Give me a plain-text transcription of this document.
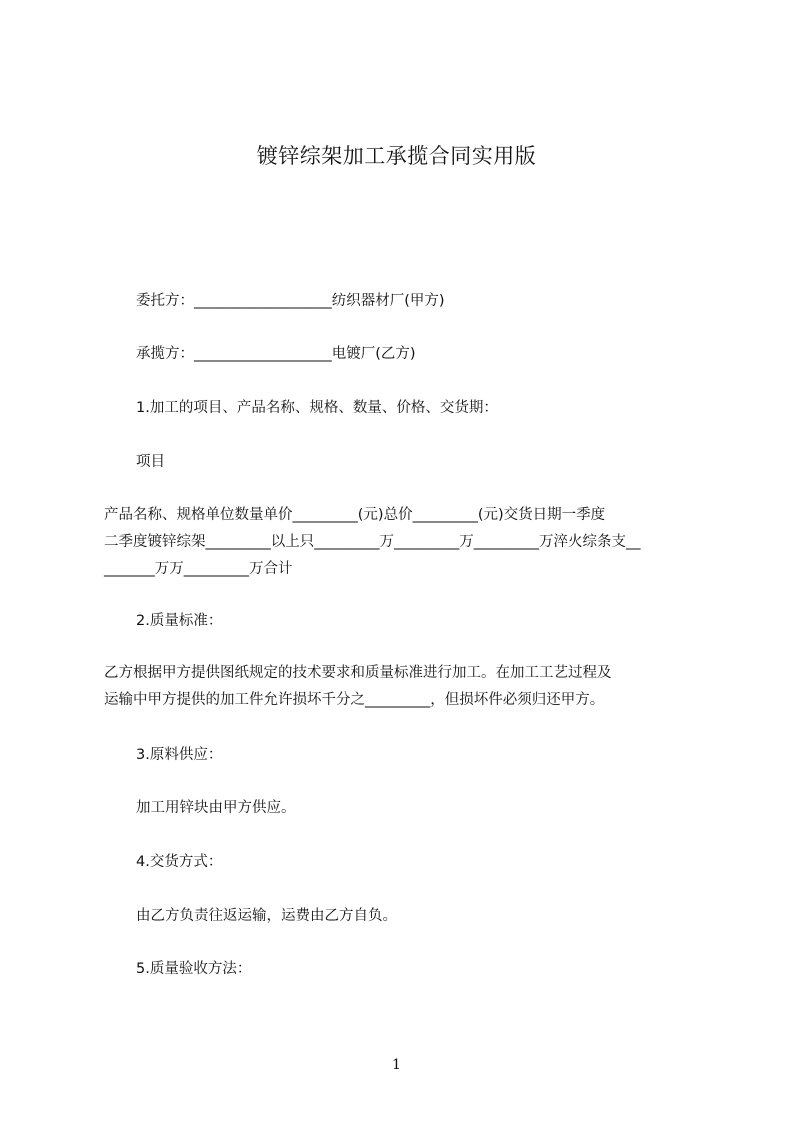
镀锌综架加工承揽合同实用版
委托方：___________________纺织器材厂(甲方)
承揽方：___________________电镀厂(乙方)
1.加工的项目、产品名称、规格、数量、价格、交货期：
项目
产品名称、规格单位数量单价_________(元)总价_________(元)交货日期一季度
二季度镀锌综架_________以上只_________万_________万_________万淬火综条支__
_______万万_________万合计
2.质量标准：
乙方根据甲方提供图纸规定的技术要求和质量标准进行加工。在加工工艺过程及
运输中甲方提供的加工件允许损坏千分之_________，但损坏件必须归还甲方。
3.原料供应：
加工用锌块由甲方供应。
4.交货方式：
由乙方负责往返运输，运费由乙方自负。
5.质量验收方法：
1
